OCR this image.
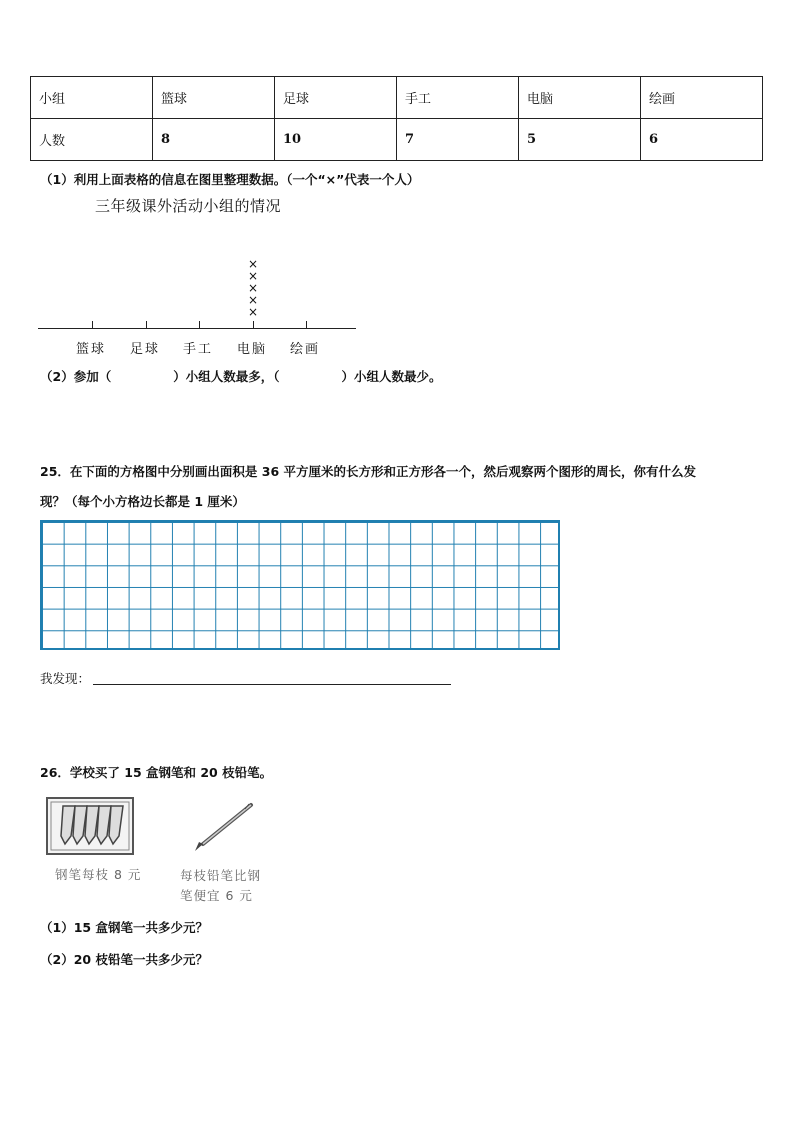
小组	篮球	足球	手工	电脑	绘画
人数	8	10	7	5	6
（1）利用上面表格的信息在图里整理数据。（一个“×”代表一个人）
三年级课外活动小组的情况
×
×
×
×
×
篮球 足球 手工 电脑 绘画
（2）参加（	）小组人数最多，（	）小组人数最少。
25．在下面的方格图中分别画出面积是 36 平方厘米的长方形和正方形各一个，然后观察两个图形的周长，你有什么发
现？（每个小方格边长都是 1 厘米）
我发现：
26．学校买了 15 盒钢笔和 20 枝铅笔。
钢笔每枝 8 元	每枝铅笔比钢
笔便宜 6 元
（1）15 盒钢笔一共多少元？
（2）20 枝铅笔一共多少元？
